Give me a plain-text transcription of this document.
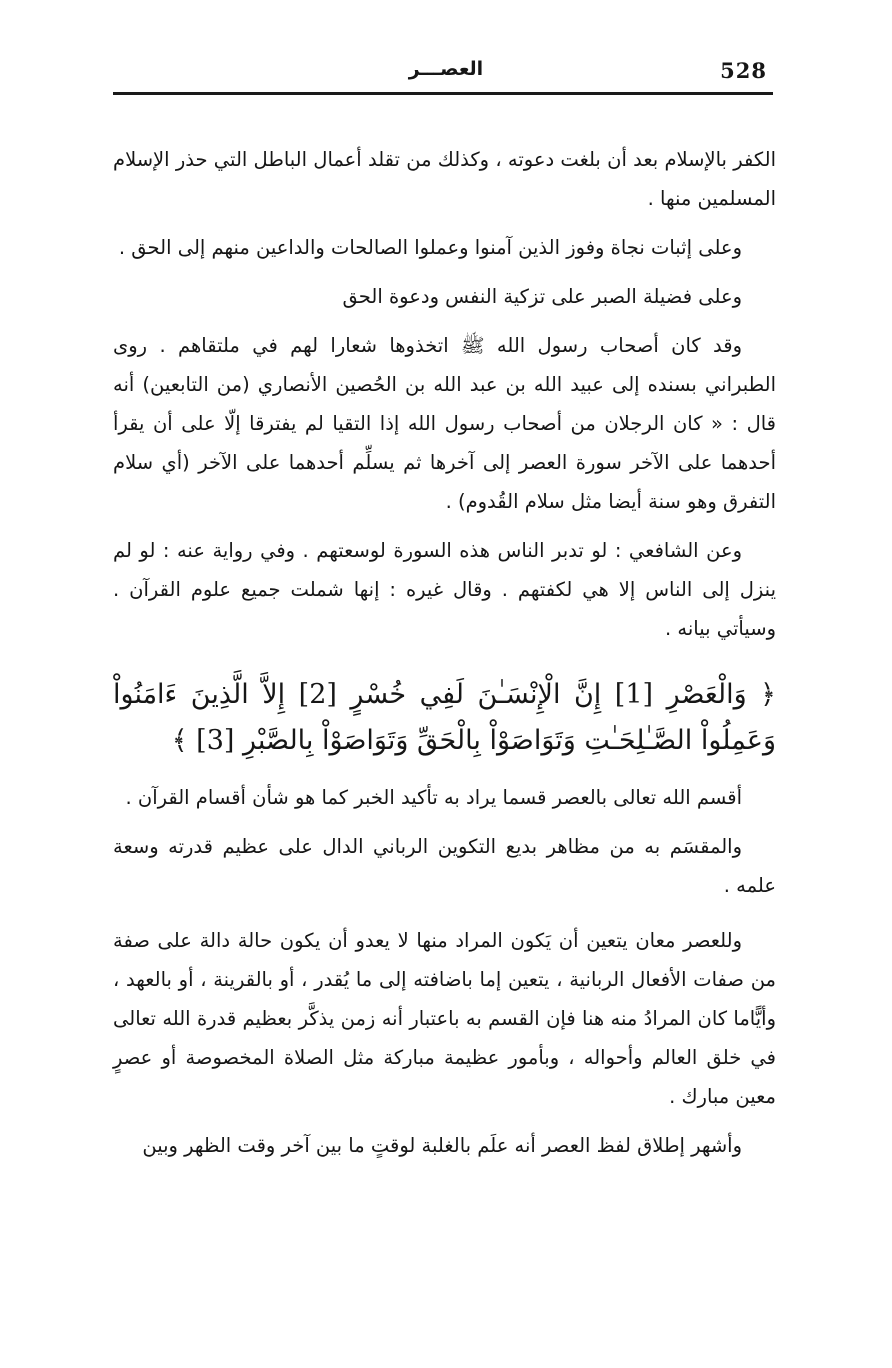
528
العصـــر

الكفر بالإسلام بعد أن بلغت دعوته ، وكذلك من تقلد أعمال الباطل التي حذر الإسلام المسلمين منها .

وعلى إثبات نجاة وفوز الذين آمنوا وعملوا الصالحات والداعين منهم إلى الحق .

وعلى فضيلة الصبر على تزكية النفس ودعوة الحق

وقد كان أصحاب رسول الله ﷺ اتخذوها شعارا لهم في ملتقاهم . روى الطبراني بسنده إلى عبيد الله بن عبد الله بن الحُصين الأنصاري (من التابعين) أنه قال : « كان الرجلان من أصحاب رسول الله إذا التقيا لم يفترقا إلّا على أن يقرأ أحدهما على الآخر سورة العصر إلى آخرها ثم يسلِّم أحدهما على الآخر (أي سلام التفرق وهو سنة أيضا مثل سلام القُدوم) .

وعن الشافعي : لو تدبر الناس هذه السورة لوسعتهم . وفي رواية عنه : لو لم ينزل إلى الناس إلا هي لكفتهم . وقال غيره : إنها شملت جميع علوم القرآن . وسيأتي بيانه .

﴿ وَالْعَصْرِ [1] إِنَّ الْإِنْسَـٰنَ لَفِي خُسْرٍ [2] إِلاَّ الَّذِينَ ءَامَنُواْ وَعَمِلُواْ الصَّـٰلِحَـٰتِ وَتَوَاصَوْاْ بِالْحَقِّ وَتَوَاصَوْاْ بِالصَّبْرِ [3] ﴾

أقسم الله تعالى بالعصر قسما يراد به تأكيد الخبر كما هو شأن أقسام القرآن .

والمقسَم به من مظاهر بديع التكوين الرباني الدال على عظيم قدرته وسعة علمه .

وللعصر معان يتعين أن يَكون المراد منها لا يعدو أن يكون حالة دالة على صفة من صفات الأفعال الربانية ، يتعين إما باضافته إلى ما يُقدر ، أو بالقرينة ، أو بالعهد ، وأيًّاما كان المرادُ منه هنا فإن القسم به باعتبار أنه زمن يذكَّر بعظيم قدرة الله تعالى في خلق العالم وأحواله ، وبأمور عظيمة مباركة مثل الصلاة المخصوصة أو عصرٍ معين مبارك .

وأشهر إطلاق لفظ العصر أنه علَم بالغلبة لوقتٍ ما بين آخر وقت الظهر وبين
